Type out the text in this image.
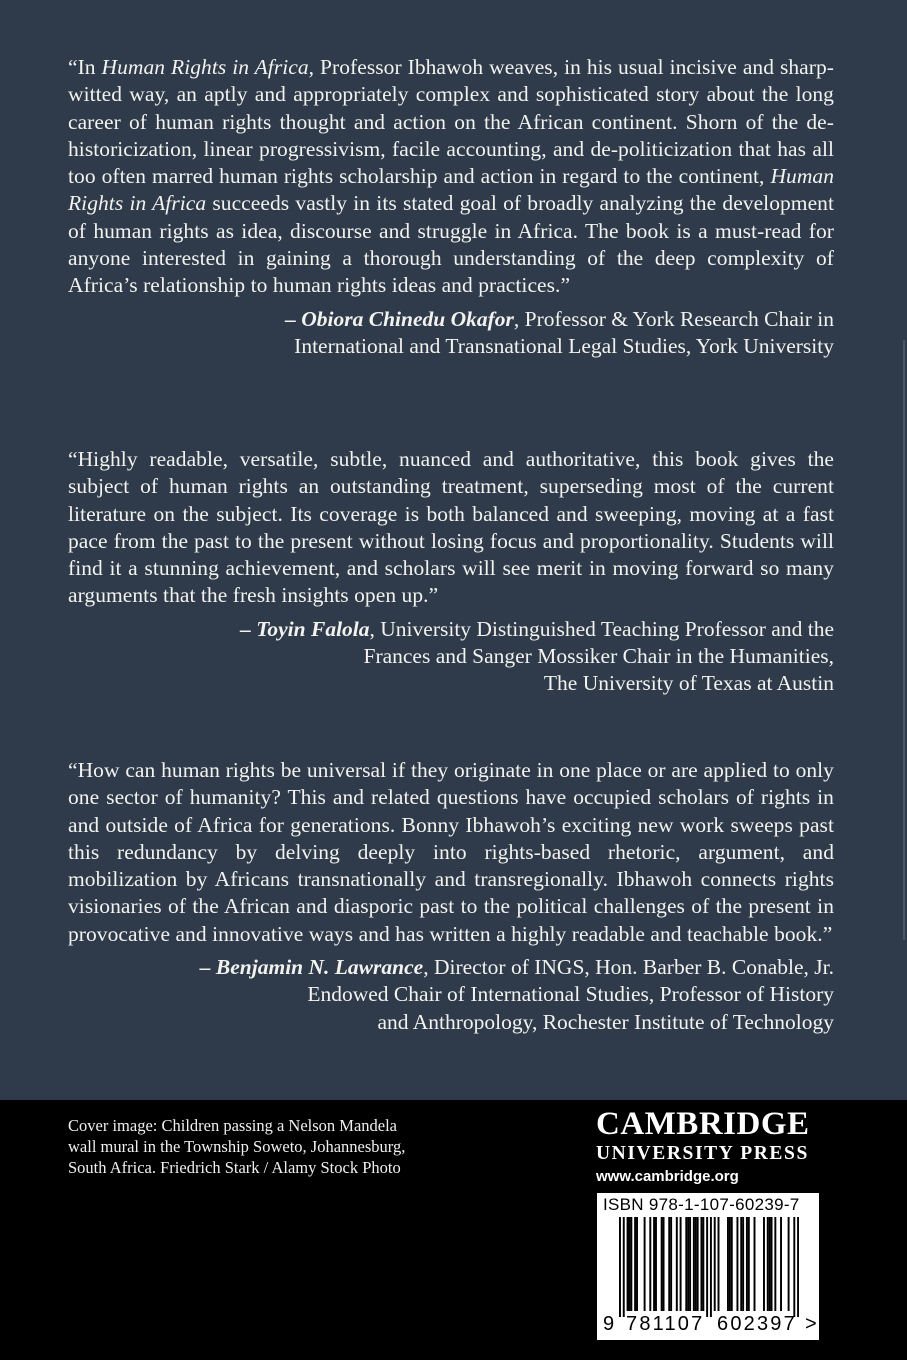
“In Human Rights in Africa, Professor Ibhawoh weaves, in his usual incisive and sharp-witted way, an aptly and appropriately complex and sophisticated story about the long career of human rights thought and action on the African continent. Shorn of the de-historicization, linear progressivism, facile accounting, and de-politicization that has all too often marred human rights scholarship and action in regard to the continent, Human Rights in Africa succeeds vastly in its stated goal of broadly analyzing the development of human rights as idea, discourse and struggle in Africa. The book is a must-read for anyone interested in gaining a thorough understanding of the deep complexity of Africa’s relationship to human rights ideas and practices.”

– Obiora Chinedu Okafor, Professor & York Research Chair in
International and Transnational Legal Studies, York University

“Highly readable, versatile, subtle, nuanced and authoritative, this book gives the subject of human rights an outstanding treatment, superseding most of the current literature on the subject. Its coverage is both balanced and sweeping, moving at a fast pace from the past to the present without losing focus and proportionality. Students will find it a stunning achievement, and scholars will see merit in moving forward so many arguments that the fresh insights open up.”

– Toyin Falola, University Distinguished Teaching Professor and the
Frances and Sanger Mossiker Chair in the Humanities,
The University of Texas at Austin

“How can human rights be universal if they originate in one place or are applied to only one sector of humanity? This and related questions have occupied scholars of rights in and outside of Africa for generations. Bonny Ibhawoh’s exciting new work sweeps past this redundancy by delving deeply into rights-based rhetoric, argument, and mobilization by Africans transnationally and transregionally. Ibhawoh connects rights visionaries of the African and diasporic past to the political challenges of the present in provocative and innovative ways and has written a highly readable and teachable book.”

– Benjamin N. Lawrance, Director of INGS, Hon. Barber B. Conable, Jr.
Endowed Chair of International Studies, Professor of History
and Anthropology, Rochester Institute of Technology

Cover image: Children passing a Nelson Mandela
wall mural in the Township Soweto, Johannesburg,
South Africa. Friedrich Stark / Alamy Stock Photo

CAMBRIDGE

UNIVERSITY PRESS

www.cambridge.org

ISBN 978-1-107-60239-7
9 781107 602397 >
